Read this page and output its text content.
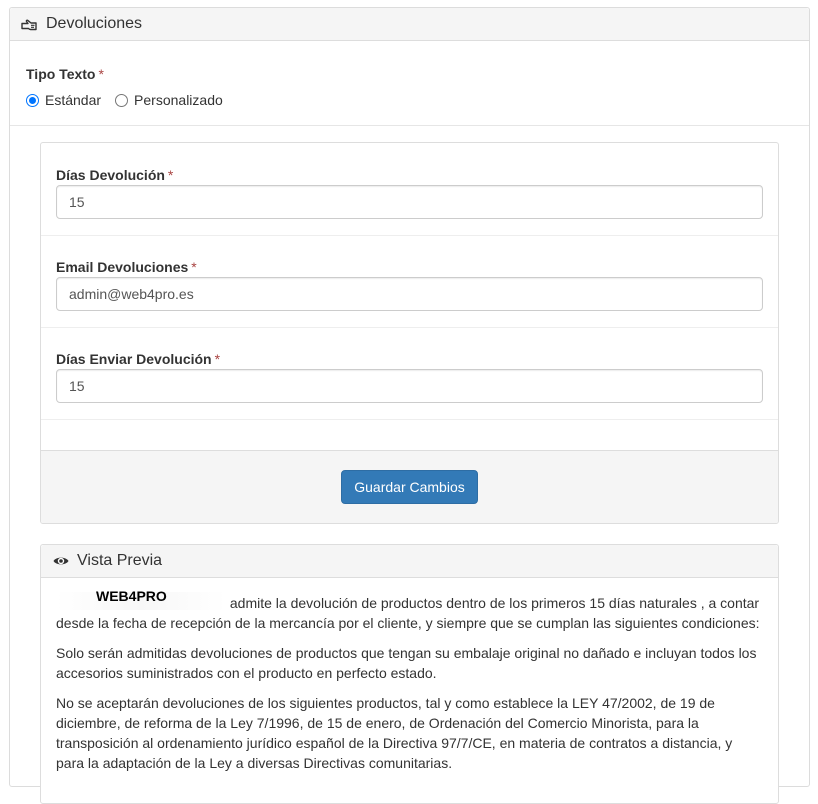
Devoluciones
Tipo Texto *
Estándar Personalizado
Días Devolución *
15
Email Devoluciones *
admin@web4pro.es
Días Enviar Devolución *
15
Guardar Cambios
Vista Previa

WEB4PRO	admite la devolución de productos dentro de los primeros 15 días naturales , a contar desde la fecha de recepción de la mercancía por el cliente, y siempre que se cumplan las siguientes condiciones:

Solo serán admitidas devoluciones de productos que tengan su embalaje original no dañado e incluyan todos los accesorios suministrados con el producto en perfecto estado.

No se aceptarán devoluciones de los siguientes productos, tal y como establece la LEY 47/2002, de 19 de diciembre, de reforma de la Ley 7/1996, de 15 de enero, de Ordenación del Comercio Minorista, para la transposición al ordenamiento jurídico español de la Directiva 97/7/CE, en materia de contratos a distancia, y para la adaptación de la Ley a diversas Directivas comunitarias.
